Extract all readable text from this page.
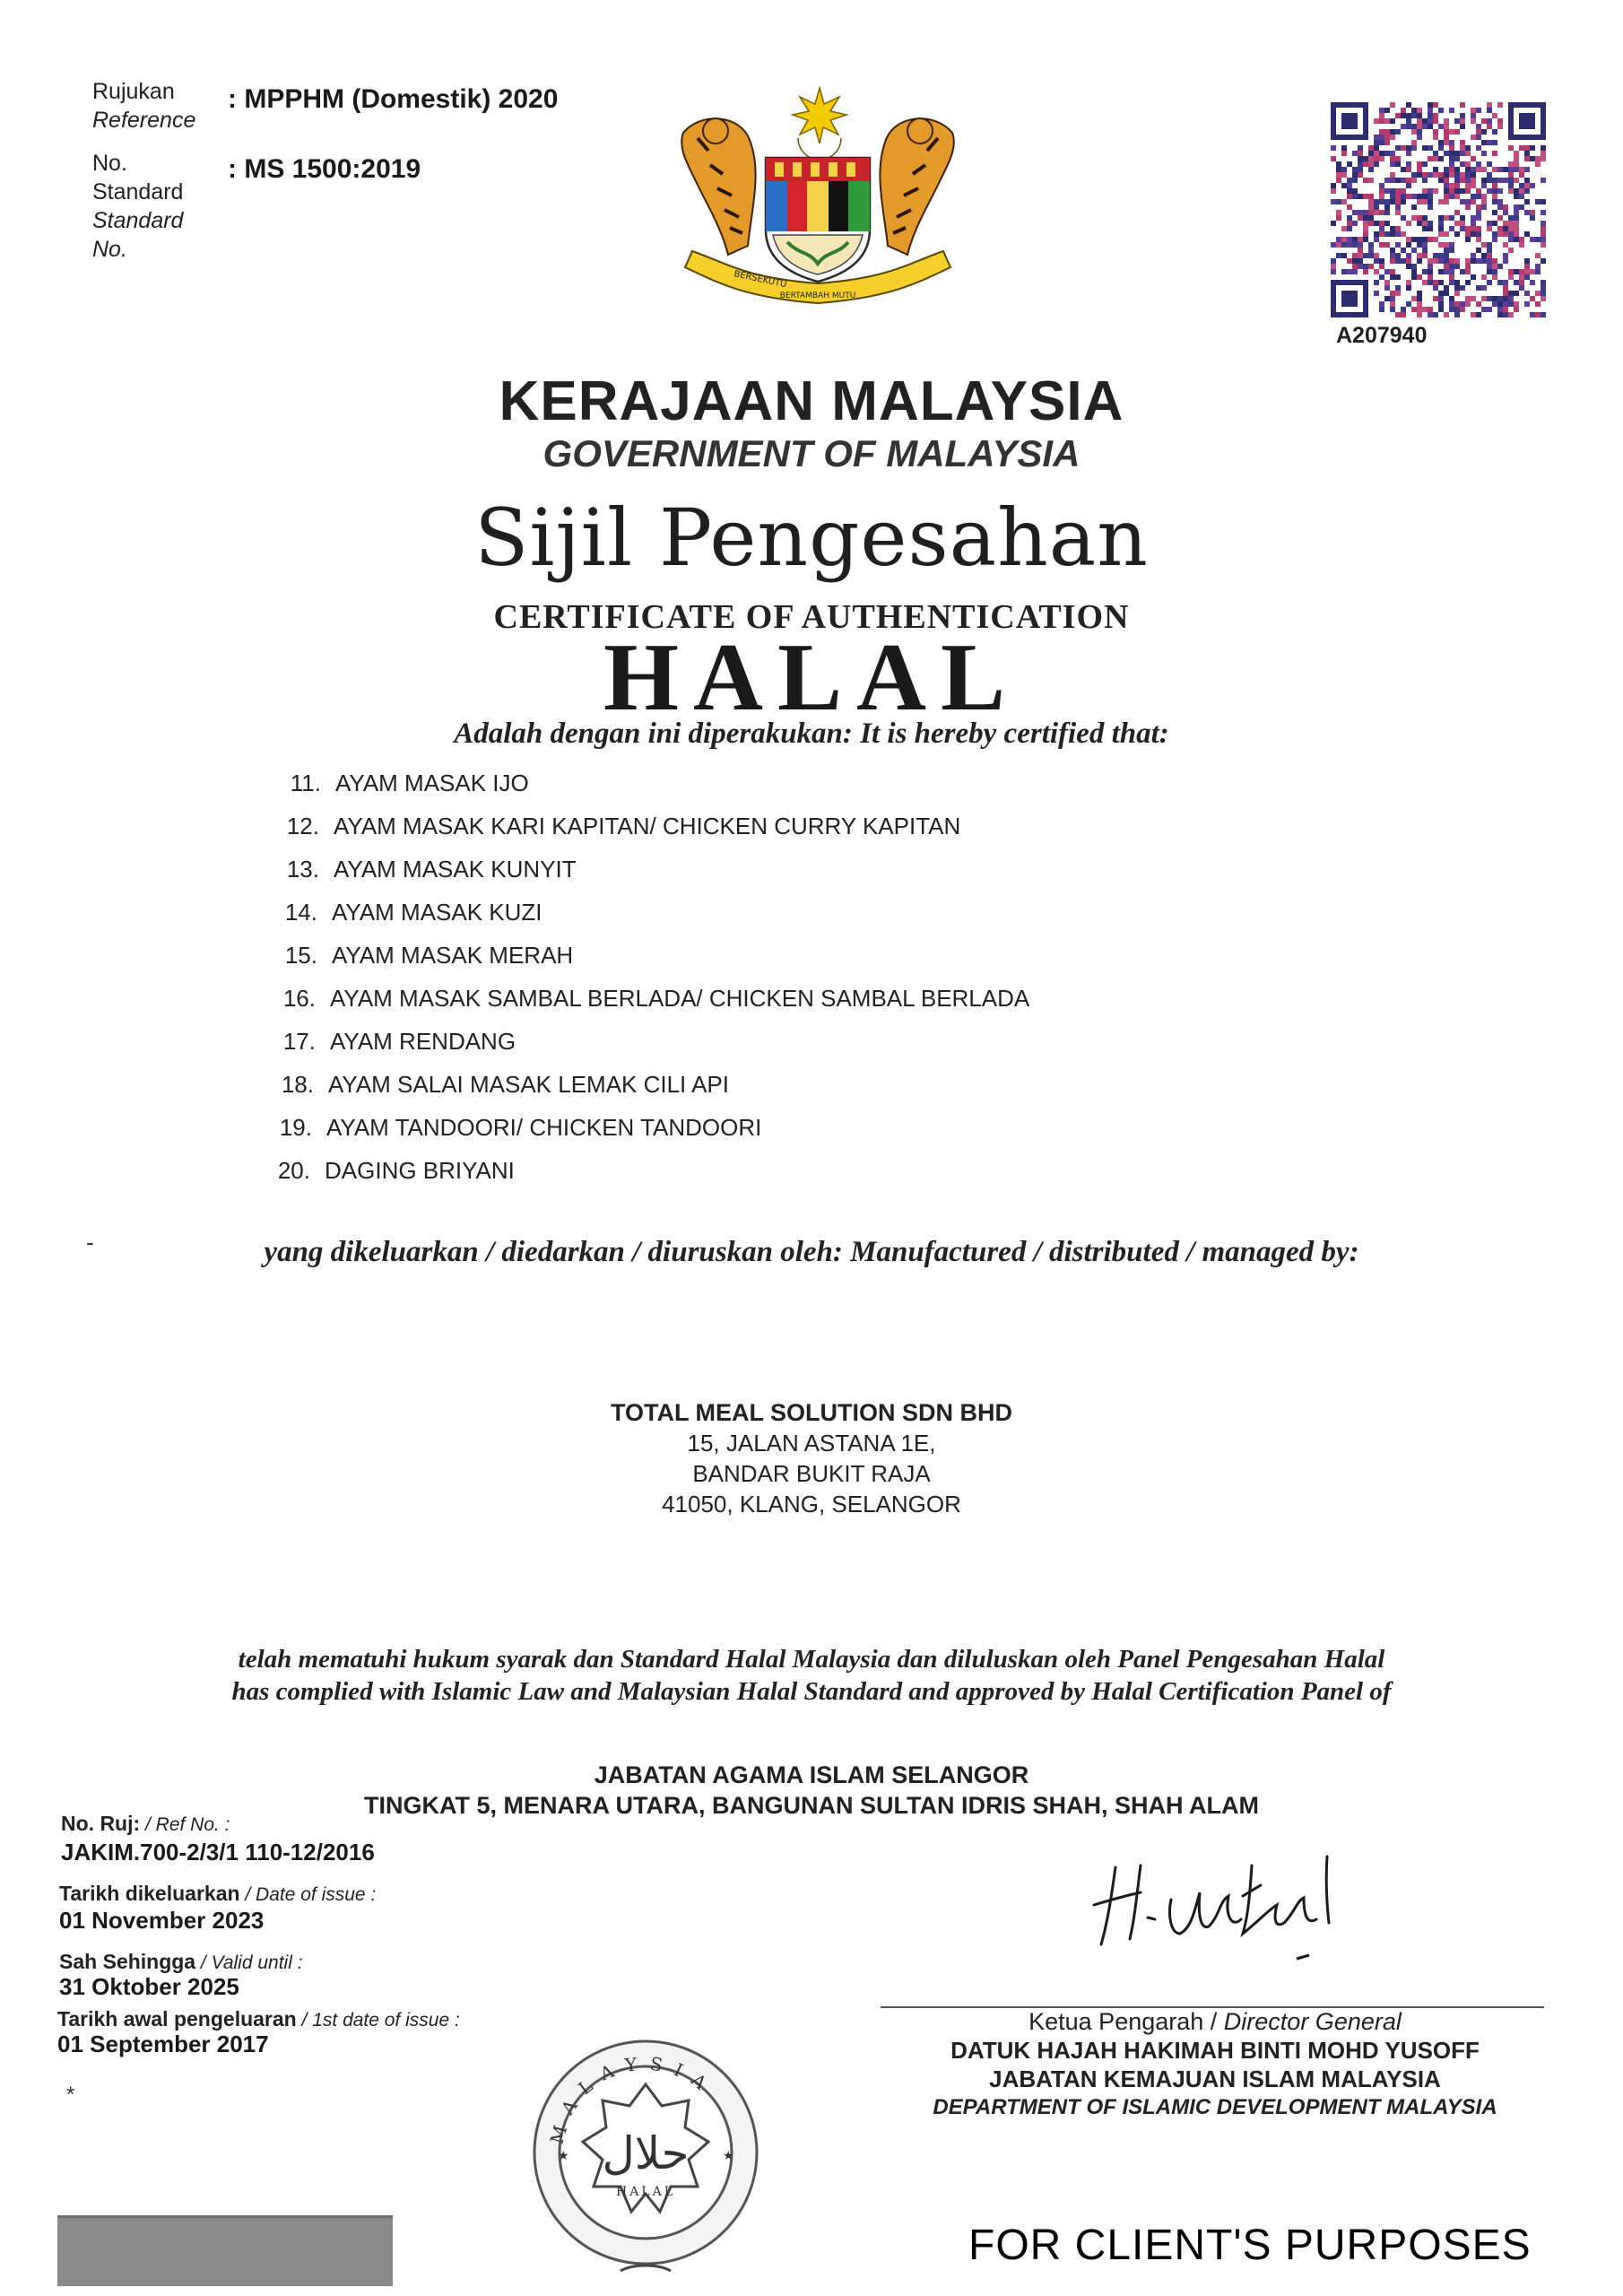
Rujukan
Reference
: MPPHM (Domestik) 2020
No.
Standard
Standard
No.
: MS 1500:2019
BERSEKUTU
BERTAMBAH MUTU
A207940
KERAJAAN MALAYSIA
GOVERNMENT OF MALAYSIA
Sijil Pengesahan
CERTIFICATE OF AUTHENTICATION
HALAL
Adalah dengan ini diperakukan: It is hereby certified that:
11. AYAM MASAK IJO
12. AYAM MASAK KARI KAPITAN/ CHICKEN CURRY KAPITAN
13. AYAM MASAK KUNYIT
14. AYAM MASAK KUZI
15. AYAM MASAK MERAH
16. AYAM MASAK SAMBAL BERLADA/ CHICKEN SAMBAL BERLADA
17. AYAM RENDANG
18. AYAM SALAI MASAK LEMAK CILI API
19. AYAM TANDOORI/ CHICKEN TANDOORI
20. DAGING BRIYANI
-	yang dikeluarkan / diedarkan / diuruskan oleh: Manufactured / distributed / managed by:
TOTAL MEAL SOLUTION SDN BHD
15, JALAN ASTANA 1E,
BANDAR BUKIT RAJA
41050, KLANG, SELANGOR
telah mematuhi hukum syarak dan Standard Halal Malaysia dan diluluskan oleh Panel Pengesahan Halal
has complied with Islamic Law and Malaysian Halal Standard and approved by Halal Certification Panel of
JABATAN AGAMA ISLAM SELANGOR
TINGKAT 5, MENARA UTARA, BANGUNAN SULTAN IDRIS SHAH, SHAH ALAM
No. Ruj: / Ref No. :
JAKIM.700-2/3/1 110-12/2016
Tarikh dikeluarkan / Date of issue :
01 November 2023
Sah Sehingga / Valid until :
31 Oktober 2025
Tarikh awal pengeluaran / 1st date of issue :
01 September 2017
*
Ketua Pengarah / Director General
DATUK HAJAH HAKIMAH BINTI MOHD YUSOFF
JABATAN KEMAJUAN ISLAM MALAYSIA
DEPARTMENT OF ISLAMIC DEVELOPMENT MALAYSIA
MALAYSIA
حلال
HALAL
★	★
FOR CLIENT'S PURPOSES
